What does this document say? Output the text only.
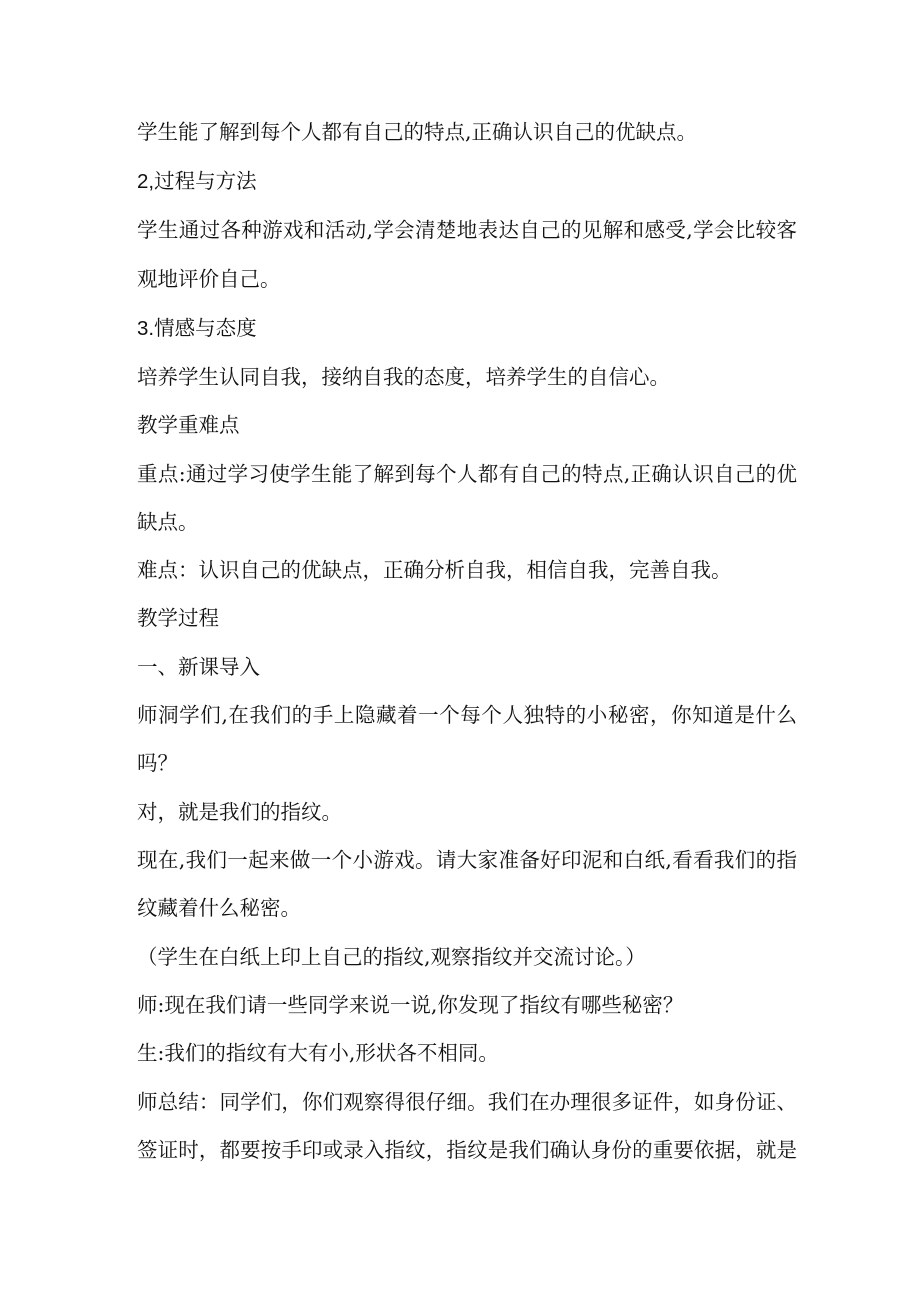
学生能了解到每个人都有自己的特点,正确认识自己的优缺点。
2,过程与方法
学生通过各种游戏和活动,学会清楚地表达自己的见解和感受,学会比较客
观地评价自己。
3.情感与态度
培养学生认同自我，接纳自我的态度，培养学生的自信心。
教学重难点
重点:通过学习使学生能了解到每个人都有自己的特点,正确认识自己的优
缺点。
难点：认识自己的优缺点，正确分析自我，相信自我，完善自我。
教学过程
一、新课导入
师洞学们,在我们的手上隐藏着一个每个人独特的小秘密，你知道是什么
吗？
对，就是我们的指纹。
现在,我们一起来做一个小游戏。请大家准备好印泥和白纸,看看我们的指
纹藏着什么秘密。
（学生在白纸上印上自己的指纹,观察指纹并交流讨论。）
师:现在我们请一些同学来说一说,你发现了指纹有哪些秘密？
生:我们的指纹有大有小,形状各不相同。
师总结：同学们，你们观察得很仔细。我们在办理很多证件，如身份证、
签证时，都要按手印或录入指纹，指纹是我们确认身份的重要依据，就是
